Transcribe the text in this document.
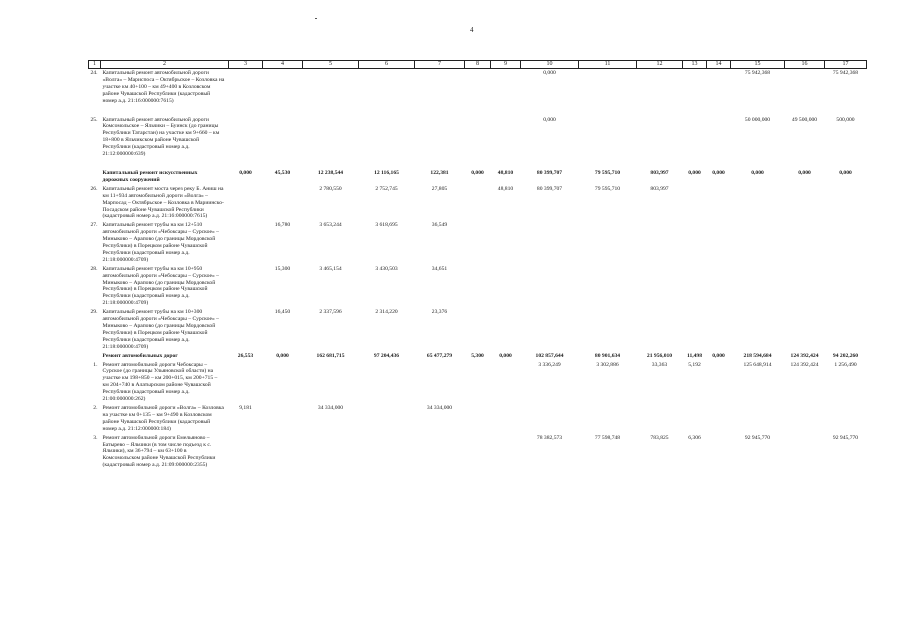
4
1	2	3	4	5	6	7	8	9	10	11	12	13	14	15	16	17
24.	Капитальный ремонт автомобильной дороги «Волга» – Мариспоса – Октябрьское – Козловка на участке км 40+100 – км 49+400 в Козловском районе Чувашской Республики (кадастровый номер а.д. 21:16:000000:7615)								0,000					75 942,368		75 942,368

25.	Капитальный ремонт автомобильной дороги Комсомольское – Яльчики – Буинск (до границы Республики Татарстан) на участке км 9+660 – км 18+800 в Яльчикском районе Чувашской Республики (кадастровый номер а.д. 21:12:000000:639)								0,000					50 000,000	49 500,000	500,000

	Капитальный ремонт искусственных дорожных сооружений	0,000	45,530	12 238,544	12 116,165	122,381	0,000	48,810	80 399,707	79 595,710	803,997	0,000	0,000	0,000	0,000	0,000
26.	Капитальный ремонт моста через реку Б. Аниш на км 11+934 автомобильной дороги «Волга» – Марпосад – Октябрьское – Козловка в Мариинско-Посадском районе Чувашской Республики (кадастровый номер а.д. 21:16:000000:7615)			2 780,550	2 752,745	27,805		48,810	80 399,707	79 595,710	803,997					
27.	Капитальный ремонт трубы на км 12+510 автомобильной дороги «Чебоксары – Сурское» – Миныково – Арапово (до границы Мордовской Республики) в Порецком районе Чувашской Республики (кадастровый номер а.д. 21:18:000000:4709)		16,780	3 653,244	3 618,695	36,549										
28.	Капитальный ремонт трубы на км 10+950 автомобильной дороги «Чебоксары – Сурское» – Миныково – Арапово (до границы Мордовской Республики) в Порецком районе Чувашской Республики (кадастровый номер а.д. 21:18:000000:4709)		15,300	3 465,154	3 430,503	34,651										
29.	Капитальный ремонт трубы на км 10+300 автомобильной дороги «Чебоксары – Сурское» – Миныково – Арапово (до границы Мордовской Республики) в Порецком районе Чувашской Республики (кадастровый номер а.д. 21:18:000000:4709)		16,450	2 337,596	2 314,220	23,376										
	Ремонт автомобильных дорог	26,553	0,000	162 681,715	97 204,436	65 477,279	5,300	0,000	102 857,644	80 901,634	21 956,010	11,498	0,000	218 594,684	124 392,424	94 202,260
1.	Ремонт автомобильной дороги Чебоксары – Сурское (до границы Ульяновской области) на участке км 198+850 – км 200+015, км 200+715 – км 204+740 в Алатырском районе Чувашской Республики (кадастровый номер а.д. 21:00:000000:262)								3 336,249	3 302,886	33,363	5,192		125 648,914	124 392,424	1 256,490
2.	Ремонт автомобильной дороги «Волга» – Козловка на участке км 0+135 – км 9+490 в Козловском районе Чувашской Республики (кадастровый номер а.д. 21:12:000000:184)	9,181		34 334,000		34 334,000										
3.	Ремонт автомобильной дороги Емельяново – Батырево – Яльчики (в том числе подъезд к с. Яльчики), км 36+794 – км 63+100 в Комсомольском районе Чувашской Республики (кадастровый номер а.д. 21:09:000000:2355)								78 382,573	77 598,748	783,825	6,306		92 945,770		92 945,770
